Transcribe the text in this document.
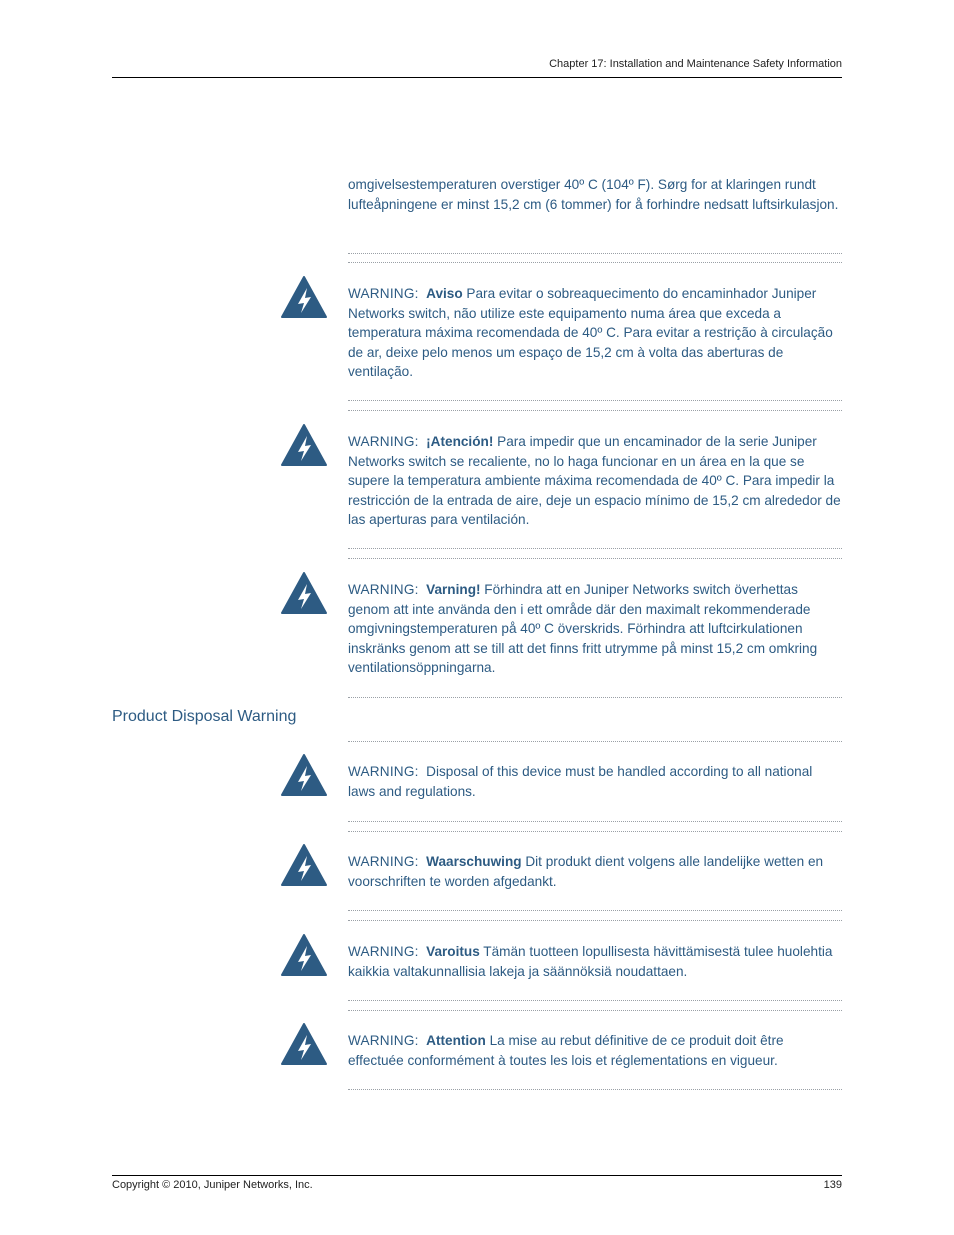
Chapter 17: Installation and Maintenance Safety Information
omgivelsestemperaturen overstiger 40º C (104º F). Sørg for at klaringen rundt lufteåpningene er minst 15,2 cm (6 tommer) for å forhindre nedsatt luftsirkulasjon.
WARNING: Aviso Para evitar o sobreaquecimento do encaminhador Juniper Networks switch, não utilize este equipamento numa área que exceda a temperatura máxima recomendada de 40º C. Para evitar a restrição à circulação de ar, deixe pelo menos um espaço de 15,2 cm à volta das aberturas de ventilação.
WARNING: ¡Atención! Para impedir que un encaminador de la serie Juniper Networks switch se recaliente, no lo haga funcionar en un área en la que se supere la temperatura ambiente máxima recomendada de 40º C. Para impedir la restricción de la entrada de aire, deje un espacio mínimo de 15,2 cm alrededor de las aperturas para ventilación.
WARNING: Varning! Förhindra att en Juniper Networks switch överhettas genom att inte använda den i ett område där den maximalt rekommenderade omgivningstemperaturen på 40º C överskrids. Förhindra att luftcirkulationen inskränks genom att se till att det finns fritt utrymme på minst 15,2 cm omkring ventilationsöppningarna.
Product Disposal Warning
WARNING: Disposal of this device must be handled according to all national laws and regulations.
WARNING: Waarschuwing Dit produkt dient volgens alle landelijke wetten en voorschriften te worden afgedankt.
WARNING: Varoitus Tämän tuotteen lopullisesta hävittämisestä tulee huolehtia kaikkia valtakunnallisia lakeja ja säännöksiä noudattaen.
WARNING: Attention La mise au rebut définitive de ce produit doit être effectuée conformément à toutes les lois et réglementations en vigueur.
Copyright © 2010, Juniper Networks, Inc.	139
